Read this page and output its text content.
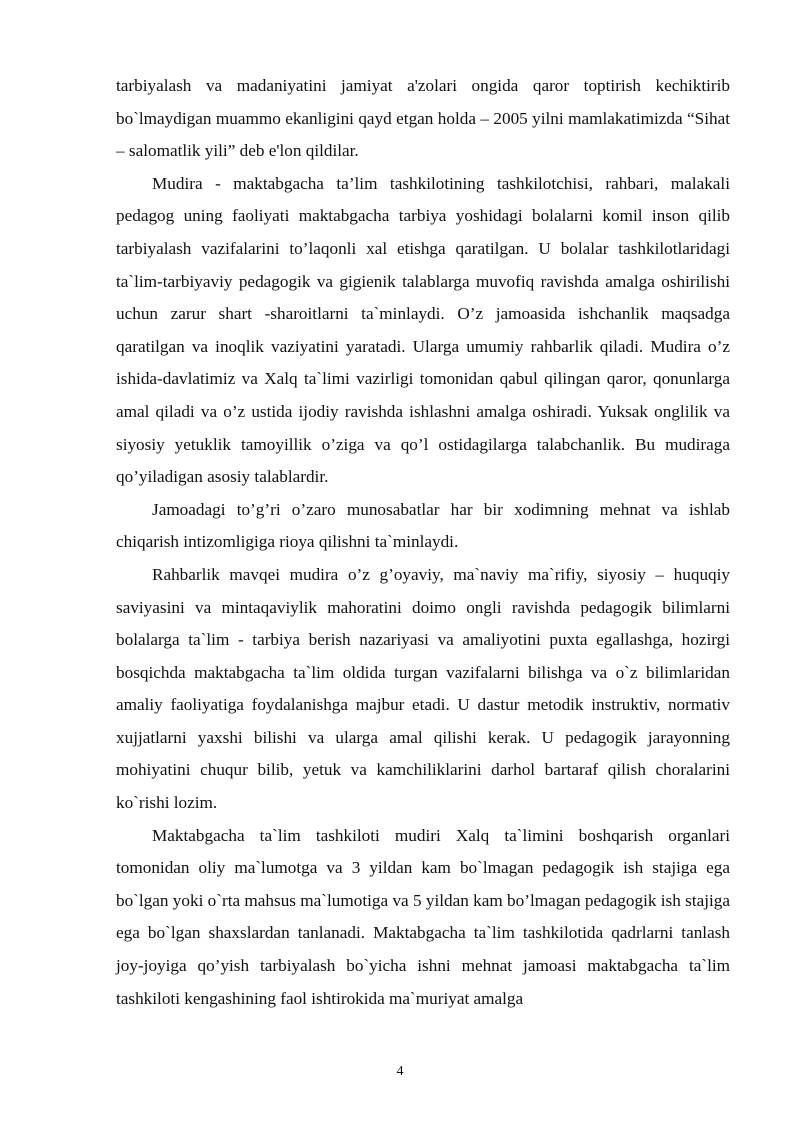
tarbiyalash va madaniyatini jamiyat a'zolari ongida qaror toptirish kechiktirib bo`lmaydigan muammo ekanligini qayd etgan holda – 2005 yilni mamlakatimizda “Sihat – salomatlik yili” deb e'lon qildilar.

Mudira - maktabgacha ta’lim tashkilotining tashkilotchisi, rahbari, malakali pedagog uning faoliyati maktabgacha tarbiya yoshidagi bolalarni komil inson qilib tarbiyalash vazifalarini to’laqonli xal etishga qaratilgan. U bolalar tashkilotlaridagi ta`lim-tarbiyaviy pedagogik va gigienik talablarga muvofiq ravishda amalga oshirilishi uchun zarur shart -sharoitlarni ta`minlaydi. O’z jamoasida ishchanlik maqsadga qaratilgan va inoqlik vaziyatini yaratadi. Ularga umumiy rahbarlik qiladi. Mudira o’z ishida-davlatimiz va Xalq ta`limi vazirligi tomonidan qabul qilingan qaror, qonunlarga amal qiladi va o’z ustida ijodiy ravishda ishlashni amalga oshiradi. Yuksak onglilik va siyosiy yetuklik tamoyillik o’ziga va qo’l ostidagilarga talabchanlik. Bu mudiraga qo’yiladigan asosiy talablardir.

Jamoadagi to’g’ri o’zaro munosabatlar har bir xodimning mehnat va ishlab chiqarish intizomligiga rioya qilishni ta`minlaydi.

Rahbarlik mavqei mudira o’z g’oyaviy, ma`naviy ma`rifiy, siyosiy – huquqiy saviyasini va mintaqaviylik mahoratini doimo ongli ravishda pedagogik bilimlarni bolalarga ta`lim - tarbiya berish nazariyasi va amaliyotini puxta egallashga, hozirgi bosqichda maktabgacha ta`lim oldida turgan vazifalarni bilishga va o`z bilimlaridan amaliy faoliyatiga foydalanishga majbur etadi. U dastur metodik instruktiv, normativ xujjatlarni yaxshi bilishi va ularga amal qilishi kerak. U pedagogik jarayonning mohiyatini chuqur bilib, yetuk va kamchiliklarini darhol bartaraf qilish choralarini ko`rishi lozim.

Maktabgacha ta`lim tashkiloti mudiri Xalq ta`limini boshqarish organlari tomonidan oliy ma`lumotga va 3 yildan kam bo`lmagan pedagogik ish stajiga ega bo`lgan yoki o`rta mahsus ma`lumotiga va 5 yildan kam bo’lmagan pedagogik ish stajiga ega bo`lgan shaxslardan tanlanadi. Maktabgacha ta`lim tashkilotida qadrlarni tanlash joy-joyiga qo’yish tarbiyalash bo`yicha ishni mehnat jamoasi maktabgacha ta`lim tashkiloti kengashining faol ishtirokida ma`muriyat amalga

4
